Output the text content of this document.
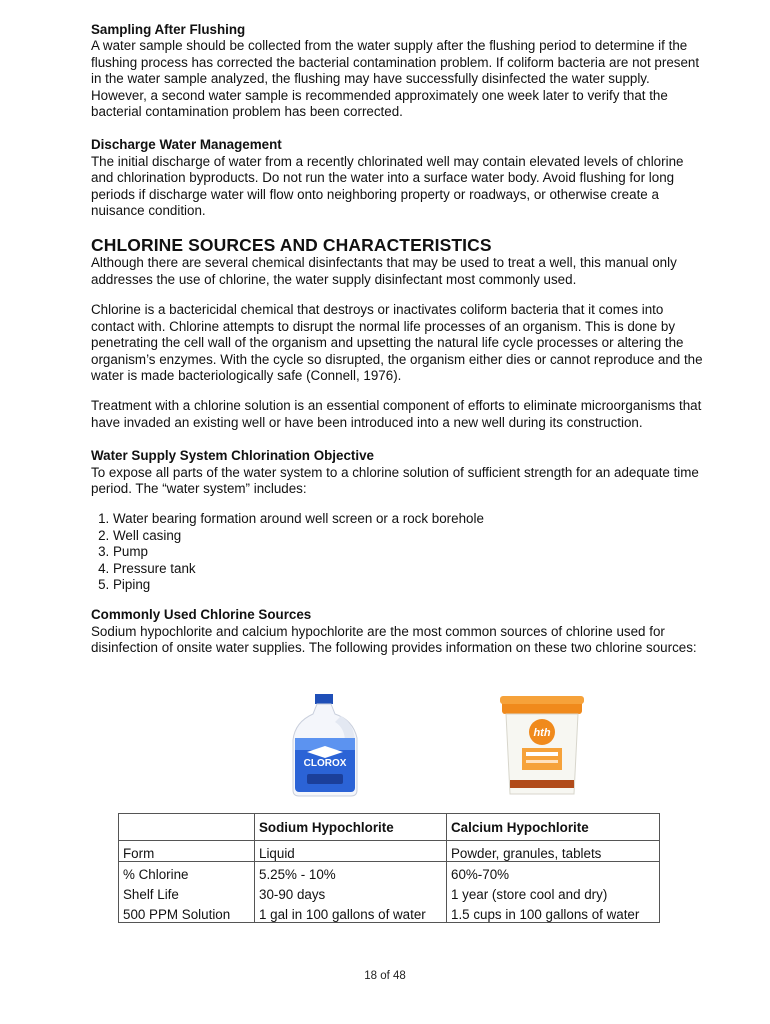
Sampling After Flushing

A water sample should be collected from the water supply after the flushing period to determine if the flushing process has corrected the bacterial contamination problem. If coliform bacteria are not present in the water sample analyzed, the flushing may have successfully disinfected the water supply. However, a second water sample is recommended approximately one week later to verify that the bacterial contamination problem has been corrected.

Discharge Water Management

The initial discharge of water from a recently chlorinated well may contain elevated levels of chlorine and chlorination byproducts. Do not run the water into a surface water body. Avoid flushing for long periods if discharge water will flow onto neighboring property or roadways, or otherwise create a nuisance condition.

CHLORINE SOURCES AND CHARACTERISTICS

Although there are several chemical disinfectants that may be used to treat a well, this manual only addresses the use of chlorine, the water supply disinfectant most commonly used.

Chlorine is a bactericidal chemical that destroys or inactivates coliform bacteria that it comes into contact with. Chlorine attempts to disrupt the normal life processes of an organism. This is done by penetrating the cell wall of the organism and upsetting the natural life cycle processes or altering the organism’s enzymes. With the cycle so disrupted, the organism either dies or cannot reproduce and the water is made bacteriologically safe (Connell, 1976).

Treatment with a chlorine solution is an essential component of efforts to eliminate microorganisms that have invaded an existing well or have been introduced into a new well during its construction.

Water Supply System Chlorination Objective

To expose all parts of the water system to a chlorine solution of sufficient strength for an adequate time period. The “water system” includes:

1. Water bearing formation around well screen or a rock borehole
2. Well casing
3. Pump
4. Pressure tank
5. Piping
Commonly Used Chlorine Sources

Sodium hypochlorite and calcium hypochlorite are the most common sources of chlorine used for disinfection of onsite water supplies. The following provides information on these two chlorine sources:

CLOROX
hth
	Sodium Hypochlorite	Calcium Hypochlorite
Form	Liquid	Powder, granules, tablets
% Chlorine	5.25% - 10%	60%-70%
Shelf Life	30-90 days	1 year (store cool and dry)
500 PPM Solution	1 gal in 100 gallons of water	1.5 cups in 100 gallons of water
18 of 48
